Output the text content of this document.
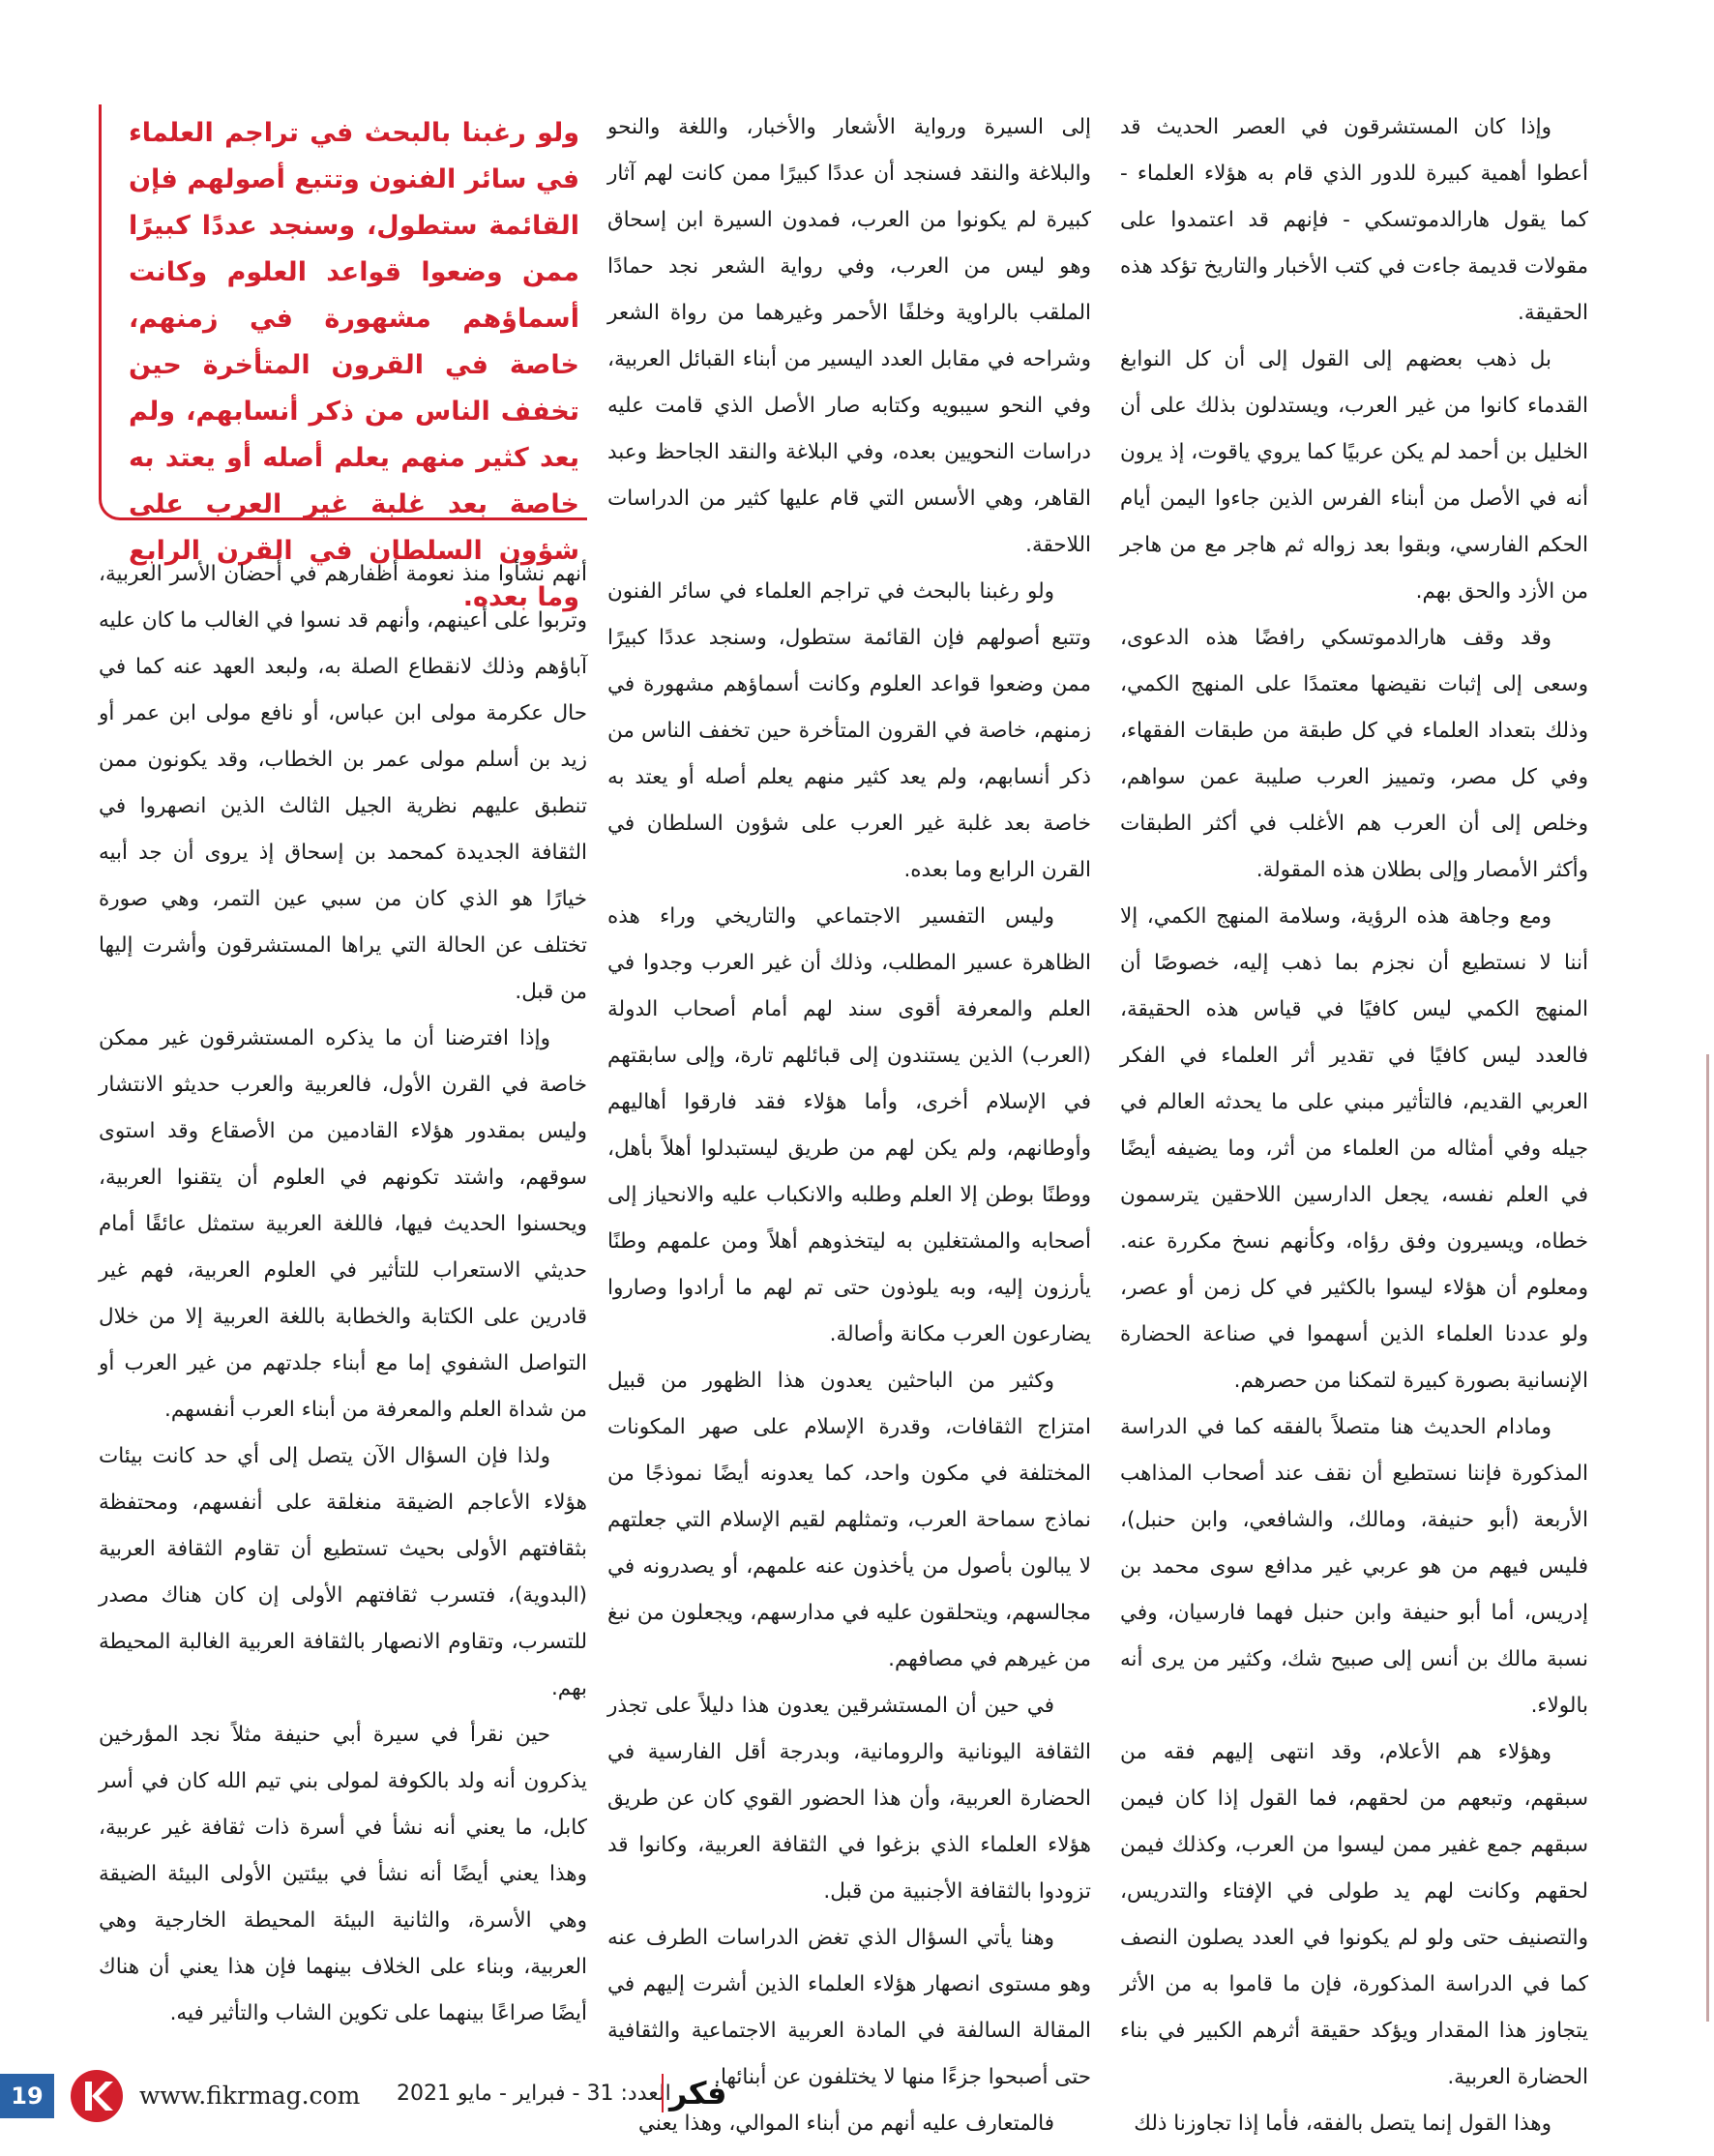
وإذا كان المستشرقون في العصر الحديث قد أعطوا أهمية كبيرة للدور الذي قام به هؤلاء العلماء - كما يقول هارالدموتسكي - فإنهم قد اعتمدوا على مقولات قديمة جاءت في كتب الأخبار والتاريخ تؤكد هذه الحقيقة.

بل ذهب بعضهم إلى القول إلى أن كل النوابغ القدماء كانوا من غير العرب، ويستدلون بذلك على أن الخليل بن أحمد لم يكن عربيًا كما يروي ياقوت، إذ يرون أنه في الأصل من أبناء الفرس الذين جاءوا اليمن أيام الحكم الفارسي، وبقوا بعد زواله ثم هاجر مع من هاجر من الأزد والحق بهم.

وقد وقف هارالدموتسكي رافضًا هذه الدعوى، وسعى إلى إثبات نقيضها معتمدًا على المنهج الكمي، وذلك بتعداد العلماء في كل طبقة من طبقات الفقهاء، وفي كل مصر، وتمييز العرب صليبة عمن سواهم، وخلص إلى أن العرب هم الأغلب في أكثر الطبقات وأكثر الأمصار وإلى بطلان هذه المقولة.

ومع وجاهة هذه الرؤية، وسلامة المنهج الكمي، إلا أننا لا نستطيع أن نجزم بما ذهب إليه، خصوصًا أن المنهج الكمي ليس كافيًا في قياس هذه الحقيقة، فالعدد ليس كافيًا في تقدير أثر العلماء في الفكر العربي القديم، فالتأثير مبني على ما يحدثه العالم في جيله وفي أمثاله من العلماء من أثر، وما يضيفه أيضًا في العلم نفسه، يجعل الدارسين اللاحقين يترسمون خطاه، ويسيرون وفق رؤاه، وكأنهم نسخ مكررة عنه. ومعلوم أن هؤلاء ليسوا بالكثير في كل زمن أو عصر، ولو عددنا العلماء الذين أسهموا في صناعة الحضارة الإنسانية بصورة كبيرة لتمكنا من حصرهم.

ومادام الحديث هنا متصلاً بالفقه كما في الدراسة المذكورة فإننا نستطيع أن نقف عند أصحاب المذاهب الأربعة (أبو حنيفة، ومالك، والشافعي، وابن حنبل)، فليس فيهم من هو عربي غير مدافع سوى محمد بن إدريس، أما أبو حنيفة وابن حنبل فهما فارسيان، وفي نسبة مالك بن أنس إلى صبيح شك، وكثير من يرى أنه بالولاء.

وهؤلاء هم الأعلام، وقد انتهى إليهم فقه من سبقهم، وتبعهم من لحقهم، فما القول إذا كان فيمن سبقهم جمع غفير ممن ليسوا من العرب، وكذلك فيمن لحقهم وكانت لهم يد طولى في الإفتاء والتدريس، والتصنيف حتى ولو لم يكونوا في العدد يصلون النصف كما في الدراسة المذكورة، فإن ما قاموا به من الأثر يتجاوز هذا المقدار ويؤكد حقيقة أثرهم الكبير في بناء الحضارة العربية.

وهذا القول إنما يتصل بالفقه، فأما إذا تجاوزنا ذلك

إلى السيرة ورواية الأشعار والأخبار، واللغة والنحو والبلاغة والنقد فسنجد أن عددًا كبيرًا ممن كانت لهم آثار كبيرة لم يكونوا من العرب، فمدون السيرة ابن إسحاق وهو ليس من العرب، وفي رواية الشعر نجد حمادًا الملقب بالراوية وخلفًا الأحمر وغيرهما من رواة الشعر وشراحه في مقابل العدد اليسير من أبناء القبائل العربية، وفي النحو سيبويه وكتابه صار الأصل الذي قامت عليه دراسات النحويين بعده، وفي البلاغة والنقد الجاحظ وعبد القاهر، وهي الأسس التي قام عليها كثير من الدراسات اللاحقة.

ولو رغبنا بالبحث في تراجم العلماء في سائر الفنون وتتبع أصولهم فإن القائمة ستطول، وسنجد عددًا كبيرًا ممن وضعوا قواعد العلوم وكانت أسماؤهم مشهورة في زمنهم، خاصة في القرون المتأخرة حين تخفف الناس من ذكر أنسابهم، ولم يعد كثير منهم يعلم أصله أو يعتد به خاصة بعد غلبة غير العرب على شؤون السلطان في القرن الرابع وما بعده.

وليس التفسير الاجتماعي والتاريخي وراء هذه الظاهرة عسير المطلب، وذلك أن غير العرب وجدوا في العلم والمعرفة أقوى سند لهم أمام أصحاب الدولة (العرب) الذين يستندون إلى قبائلهم تارة، وإلى سابقتهم في الإسلام أخرى، وأما هؤلاء فقد فارقوا أهاليهم وأوطانهم، ولم يكن لهم من طريق ليستبدلوا أهلاً بأهل، ووطنًا بوطن إلا العلم وطلبه والانكباب عليه والانحياز إلى أصحابه والمشتغلين به ليتخذوهم أهلاً ومن علمهم وطنًا يأرزون إليه، وبه يلوذون حتى تم لهم ما أرادوا وصاروا يضارعون العرب مكانة وأصالة.

وكثير من الباحثين يعدون هذا الظهور من قبيل امتزاج الثقافات، وقدرة الإسلام على صهر المكونات المختلفة في مكون واحد، كما يعدونه أيضًا نموذجًا من نماذج سماحة العرب، وتمثلهم لقيم الإسلام التي جعلتهم لا يبالون بأصول من يأخذون عنه علمهم، أو يصدرونه في مجالسهم، ويتحلقون عليه في مدارسهم، ويجعلون من نبغ من غيرهم في مصافهم.

في حين أن المستشرقين يعدون هذا دليلاً على تجذر الثقافة اليونانية والرومانية، وبدرجة أقل الفارسية في الحضارة العربية، وأن هذا الحضور القوي كان عن طريق هؤلاء العلماء الذي بزغوا في الثقافة العربية، وكانوا قد تزودوا بالثقافة الأجنبية من قبل.

وهنا يأتي السؤال الذي تغض الدراسات الطرف عنه وهو مستوى انصهار هؤلاء العلماء الذين أشرت إليهم في المقالة السالفة في المادة العربية الاجتماعية والثقافية حتى أصبحوا جزءًا منها لا يختلفون عن أبنائها.

فالمتعارف عليه أنهم من أبناء الموالي، وهذا يعني

ولو رغبنا بالبحث في تراجم العلماء في سائر الفنون وتتبع أصولهم فإن القائمة ستطول، وسنجد عددًا كبيرًا ممن وضعوا قواعد العلوم وكانت أسماؤهم مشهورة في زمنهم، خاصة في القرون المتأخرة حين تخفف الناس من ذكر أنسابهم، ولم يعد كثير منهم يعلم أصله أو يعتد به خاصة بعد غلبة غير العرب على شؤون السلطان في القرن الرابع وما بعده.

أنهم نشأوا منذ نعومة أظفارهم في أحضان الأسر العربية، وتربوا على أعينهم، وأنهم قد نسوا في الغالب ما كان عليه آباؤهم وذلك لانقطاع الصلة به، ولبعد العهد عنه كما في حال عكرمة مولى ابن عباس، أو نافع مولى ابن عمر أو زيد بن أسلم مولى عمر بن الخطاب، وقد يكونون ممن تنطبق عليهم نظرية الجيل الثالث الذين انصهروا في الثقافة الجديدة كمحمد بن إسحاق إذ يروى أن جد أبيه خيارًا هو الذي كان من سبي عين التمر، وهي صورة تختلف عن الحالة التي يراها المستشرقون وأشرت إليها من قبل.

وإذا افترضنا أن ما يذكره المستشرقون غير ممكن خاصة في القرن الأول، فالعربية والعرب حديثو الانتشار وليس بمقدور هؤلاء القادمين من الأصقاع وقد استوى سوقهم، واشتد تكونهم في العلوم أن يتقنوا العربية، ويحسنوا الحديث فيها، فاللغة العربية ستمثل عائقًا أمام حديثي الاستعراب للتأثير في العلوم العربية، فهم غير قادرين على الكتابة والخطابة باللغة العربية إلا من خلال التواصل الشفوي إما مع أبناء جلدتهم من غير العرب أو من شداة العلم والمعرفة من أبناء العرب أنفسهم.

ولذا فإن السؤال الآن يتصل إلى أي حد كانت بيئات هؤلاء الأعاجم الضيقة منغلقة على أنفسهم، ومحتفظة بثقافتهم الأولى بحيث تستطيع أن تقاوم الثقافة العربية (البدوية)، فتسرب ثقافتهم الأولى إن كان هناك مصدر للتسرب، وتقاوم الانصهار بالثقافة العربية الغالبة المحيطة بهم.

حين نقرأ في سيرة أبي حنيفة مثلاً نجد المؤرخين يذكرون أنه ولد بالكوفة لمولى بني تيم الله كان في أسر كابل، ما يعني أنه نشأ في أسرة ذات ثقافة غير عربية، وهذا يعني أيضًا أنه نشأ في بيئتين الأولى البيئة الضيقة وهي الأسرة، والثانية البيئة المحيطة الخارجية وهي العربية، وبناء على الخلاف بينهما فإن هذا يعني أن هناك أيضًا صراعًا بينهما على تكوين الشاب والتأثير فيه.

19	www.fikrmag.com العدد: 31 - فبراير - مايو 2021
فكر
